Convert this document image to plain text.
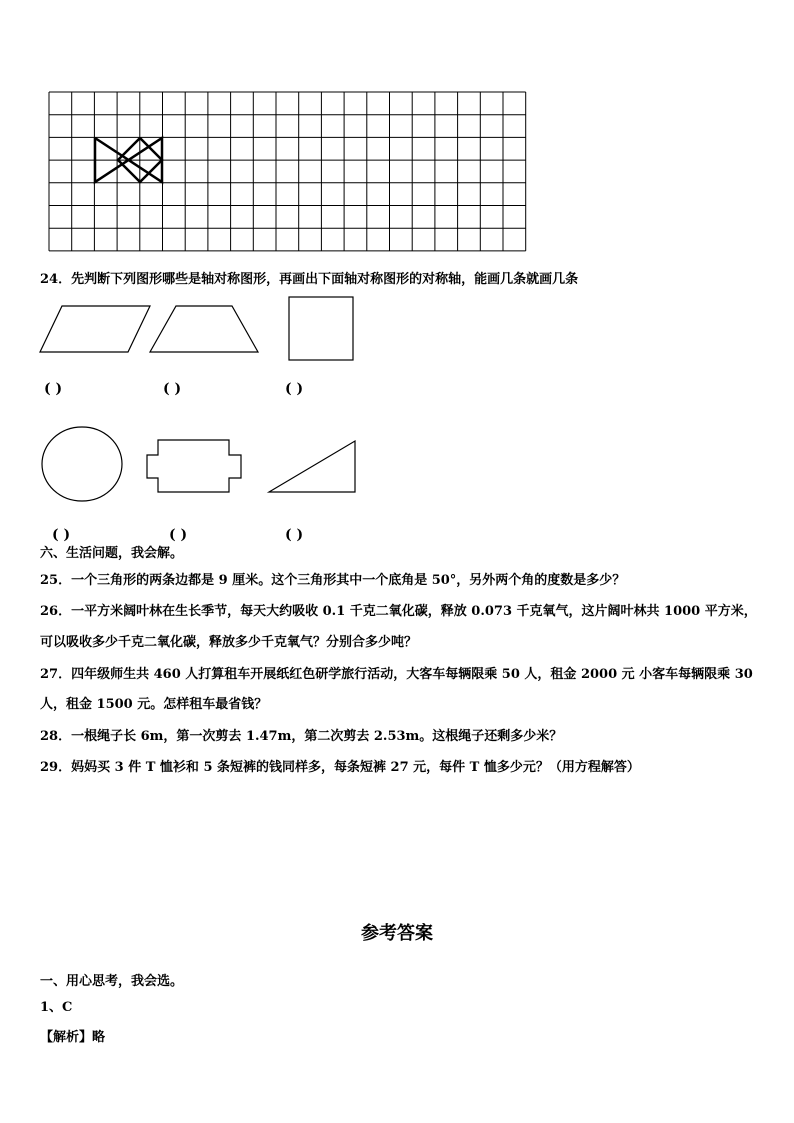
24．先判断下列图形哪些是轴对称图形，再画出下面轴对称图形的对称轴，能画几条就画几条
( )	( )	( )
( )	( )	( )
六、生活问题，我会解。
25．一个三角形的两条边都是 9 厘米。这个三角形其中一个底角是 50°，另外两个角的度数是多少？
26．一平方米阔叶林在生长季节，每天大约吸收 0.1 千克二氧化碳，释放 0.073 千克氧气，这片阔叶林共 1000 平方米，
可以吸收多少千克二氧化碳，释放多少千克氧气？分别合多少吨？
27．四年级师生共 460 人打算租车开展纸红色研学旅行活动，大客车每辆限乘 50 人，租金 2000 元 小客车每辆限乘 30
人，租金 1500 元。怎样租车最省钱？
28．一根绳子长 6m，第一次剪去 1.47m，第二次剪去 2.53m。这根绳子还剩多少米？
29．妈妈买 3 件 T 恤衫和 5 条短裤的钱同样多，每条短裤 27 元，每件 T 恤多少元？（用方程解答）
参考答案
一、用心思考，我会选。
1、C
【解析】略
